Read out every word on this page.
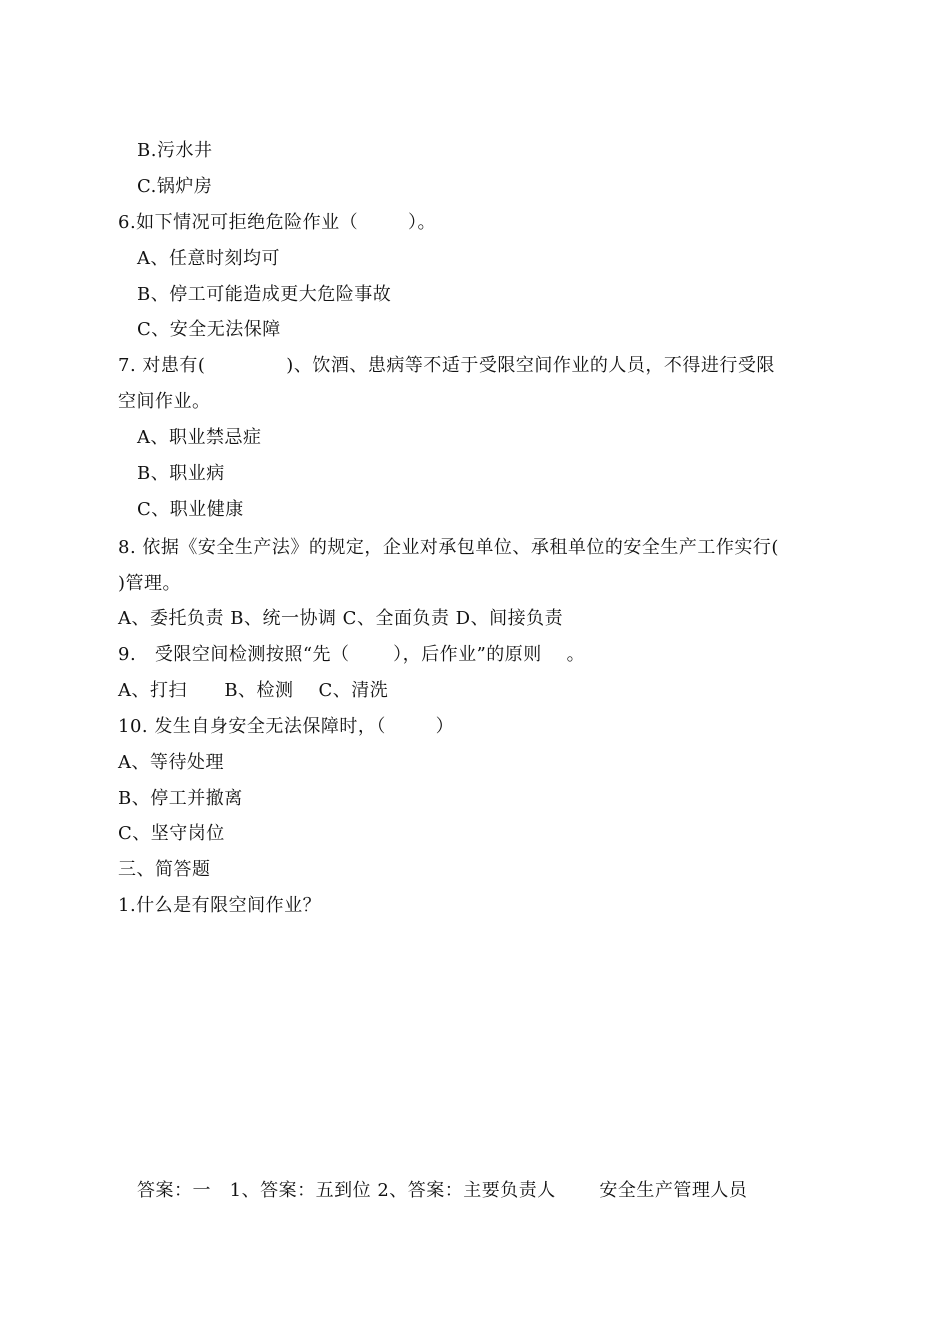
B.污水井
C.锅炉房
6.如下情况可拒绝危险作业（        ）。
A、任意时刻均可
B、停工可能造成更大危险事故
C、安全无法保障
7. 对患有(             )、饮酒、患病等不适于受限空间作业的人员，不得进行受限
空间作业。
A、职业禁忌症
B、职业病
C、职业健康
8. 依据《安全生产法》的规定，企业对承包单位、承租单位的安全生产工作实行(
)管理。
A、委托负责 B、统一协调 C、全面负责 D、间接负责
9.   受限空间检测按照“先（       ），后作业”的原则    。
A、打扫      B、检测    C、清洗
10. 发生自身安全无法保障时，（        ）
A、等待处理
B、停工并撤离
C、坚守岗位
三、简答题
1.什么是有限空间作业？
答案：一   1、答案：五到位 2、答案：主要负责人       安全生产管理人员
